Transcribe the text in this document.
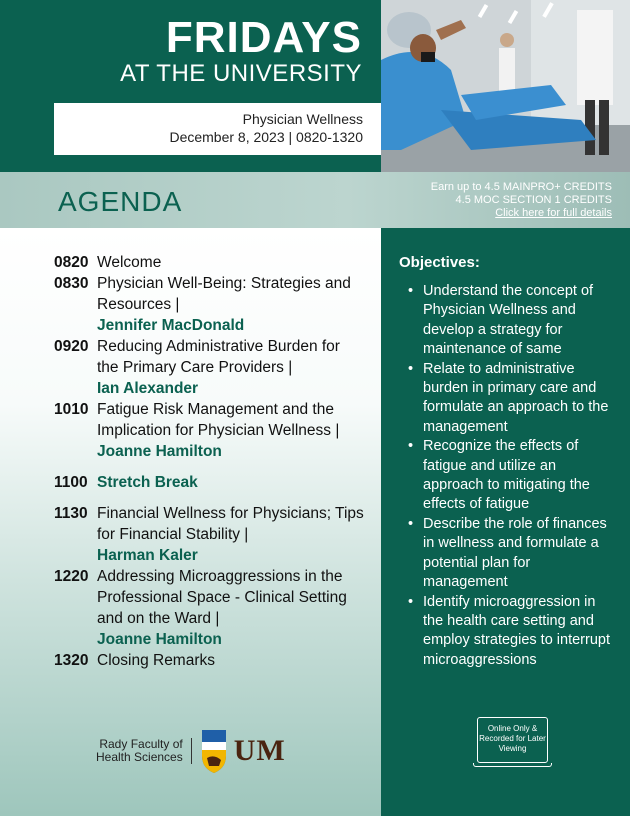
FRIDAYS
AT THE UNIVERSITY
Physician Wellness
December 8, 2023 | 0820-1320
AGENDA	Earn up to 4.5 MAINPRO+ CREDITS
4.5 MOC SECTION 1 CREDITS
Click here for full details
0820 Welcome
0830 Physician Well-Being: Strategies and Resources |
Jennifer MacDonald
0920 Reducing Administrative Burden for the Primary Care Providers |
Ian Alexander
1010 Fatigue Risk Management and the Implication for Physician Wellness | Joanne Hamilton
1100 Stretch Break
1130 Financial Wellness for Physicians; Tips for Financial Stability |
Harman Kaler
1220 Addressing Microaggressions in the Professional Space - Clinical Setting and on the Ward |
Joanne Hamilton
1320 Closing Remarks
Rady Faculty of
Health Sciences UM
Objectives:
• Understand the concept of Physician Wellness and develop a strategy for maintenance of same
• Relate to administrative burden in primary care and formulate an approach to the management
• Recognize the effects of fatigue and utilize an approach to mitigating the effects of fatigue
• Describe the role of finances in wellness and formulate a potential plan for management
• Identify microaggression in the health care setting and employ strategies to interrupt microaggressions
Online Only & Recorded for Later Viewing
